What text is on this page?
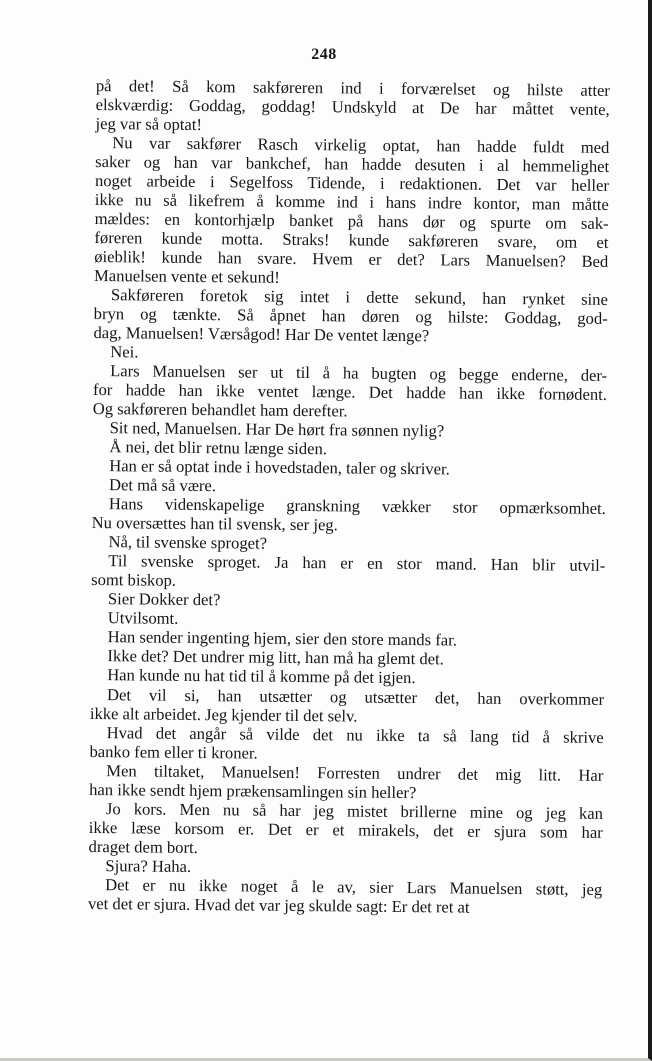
248
på det! Så kom sakføreren ind i forværelset og hilste atter
elskværdig: Goddag, goddag! Undskyld at De har måttet vente,
jeg var så optat!
Nu var sakfører Rasch virkelig optat, han hadde fuldt med
saker og han var bankchef, han hadde desuten i al hemmelighet
noget arbeide i Segelfoss Tidende, i redaktionen. Det var heller
ikke nu så likefrem å komme ind i hans indre kontor, man måtte
mældes: en kontorhjælp banket på hans dør og spurte om sak-
føreren kunde motta. Straks! kunde sakføreren svare, om et
øieblik! kunde han svare. Hvem er det? Lars Manuelsen? Bed
Manuelsen vente et sekund!
Sakføreren foretok sig intet i dette sekund, han rynket sine
bryn og tænkte. Så åpnet han døren og hilste: Goddag, god-
dag, Manuelsen! Værsågod! Har De ventet længe?
Nei.
Lars Manuelsen ser ut til å ha bugten og begge enderne, der-
for hadde han ikke ventet længe. Det hadde han ikke fornødent.
Og sakføreren behandlet ham derefter.
Sit ned, Manuelsen. Har De hørt fra sønnen nylig?
Å nei, det blir retnu længe siden.
Han er så optat inde i hovedstaden, taler og skriver.
Det må så være.
Hans videnskapelige granskning vækker stor opmærksomhet.
Nu oversættes han til svensk, ser jeg.
Nå, til svenske sproget?
Til svenske sproget. Ja han er en stor mand. Han blir utvil-
somt biskop.
Sier Dokker det?
Utvilsomt.
Han sender ingenting hjem, sier den store mands far.
Ikke det? Det undrer mig litt, han må ha glemt det.
Han kunde nu hat tid til å komme på det igjen.
Det vil si, han utsætter og utsætter det, han overkommer
ikke alt arbeidet. Jeg kjender til det selv.
Hvad det angår så vilde det nu ikke ta så lang tid å skrive
banko fem eller ti kroner.
Men tiltaket, Manuelsen! Forresten undrer det mig litt. Har
han ikke sendt hjem prækensamlingen sin heller?
Jo kors. Men nu så har jeg mistet brillerne mine og jeg kan
ikke læse korsom er. Det er et mirakels, det er sjura som har
draget dem bort.
Sjura? Haha.
Det er nu ikke noget å le av, sier Lars Manuelsen støtt, jeg
vet det er sjura. Hvad det var jeg skulde sagt: Er det ret at
